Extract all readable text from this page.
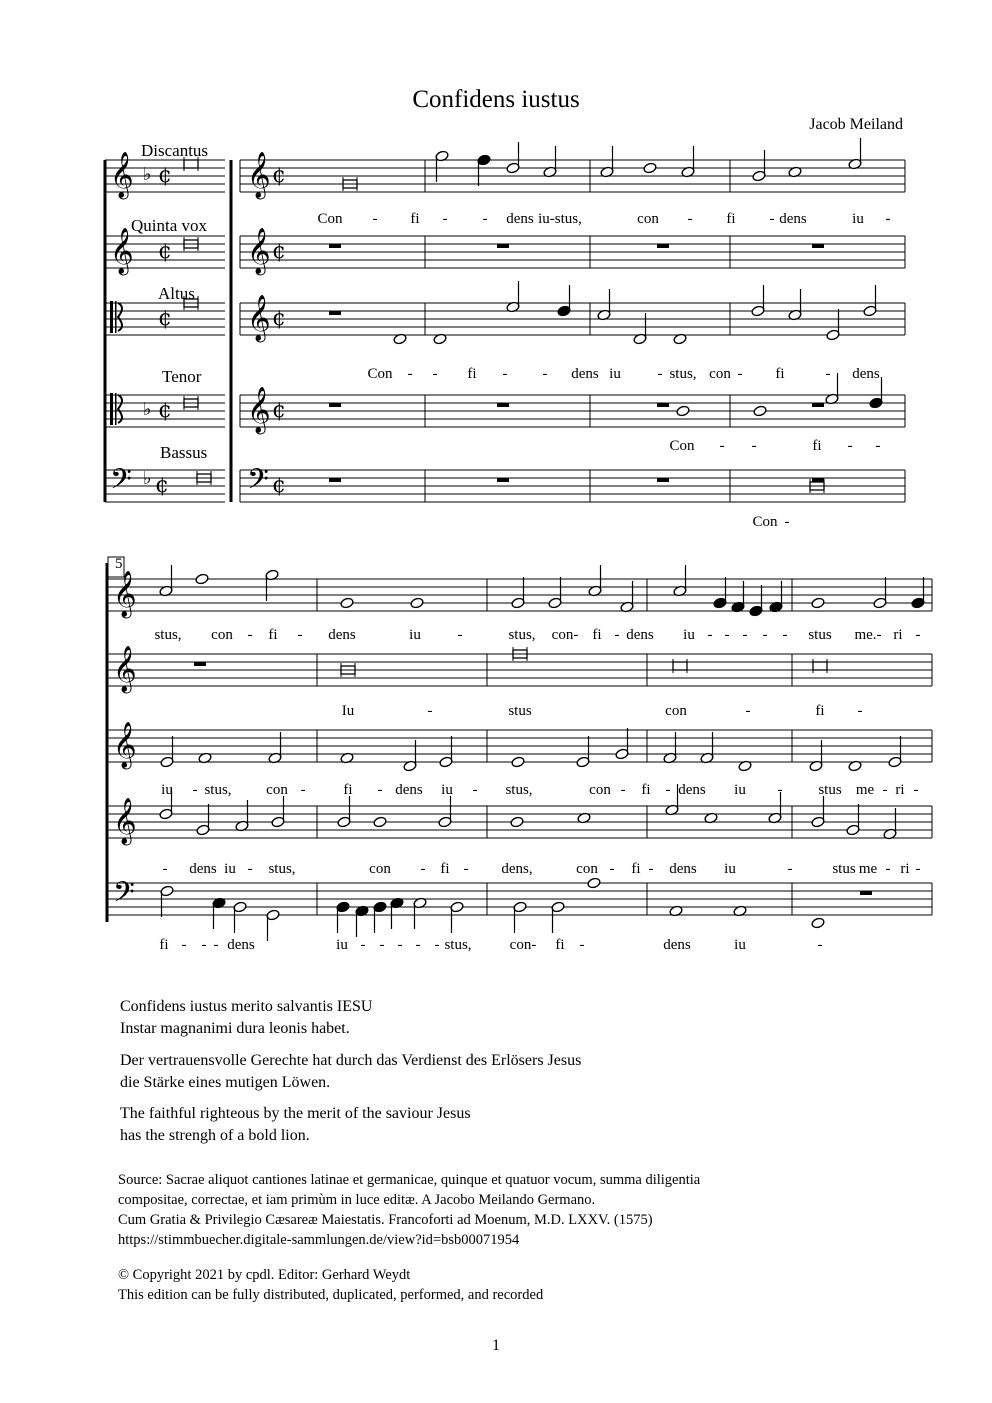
Confidens iustus
Jacob Meiland
𝄞 ♭ ¢ 𝄞 ¢
𝄞 ¢ 𝄞 ¢
¢ 𝄞 ¢
♭ ¢ 𝄞 ¢
𝄢 ♭ ¢ 𝄢 ¢
Con - fi - - dens iu-stus,	con - fi - dens	iu -
Con - - fi - - dens iu - stus, con - fi	- dens
Con - -	fi - -
Con -
𝄞
𝄞
𝄞
𝄞
𝄢
stus, con - fi - dens	iu -	stus, con- fi - dens iu - - - - - stus me.- ri -
Iu	-	stus	con	-	fi -
iu - stus, con -	fi - dens iu - stus,	con - fi - dens iu - stus me - ri -
- dens iu - stus,	con - fi - dens,	con - fi - dens iu	-	stus me - ri -
fi - - - dens	iu - - - - - stus,	con- fi -	dens	iu	-
Discantus
Quinta vox
Altus
Tenor
Bassus
5
Confidens iustus merito salvantis IESU
Instar magnanimi dura leonis habet.
Der vertrauensvolle Gerechte hat durch das Verdienst des Erlösers Jesus
die Stärke eines mutigen Löwen.
The faithful righteous by the merit of the saviour Jesus
has the strengh of a bold lion.
Source: Sacrae aliquot cantiones latinae et germanicae, quinque et quatuor vocum, summa diligentia
compositae, correctae, et iam primùm in luce editæ. A Jacobo Meilando Germano.
Cum Gratia & Privilegio Cæsareæ Maiestatis. Francoforti ad Moenum, M.D. LXXV. (1575)
https://stimmbuecher.digitale-sammlungen.de/view?id=bsb00071954
© Copyright 2021 by cpdl. Editor: Gerhard Weydt
This edition can be fully distributed, duplicated, performed, and recorded
1
